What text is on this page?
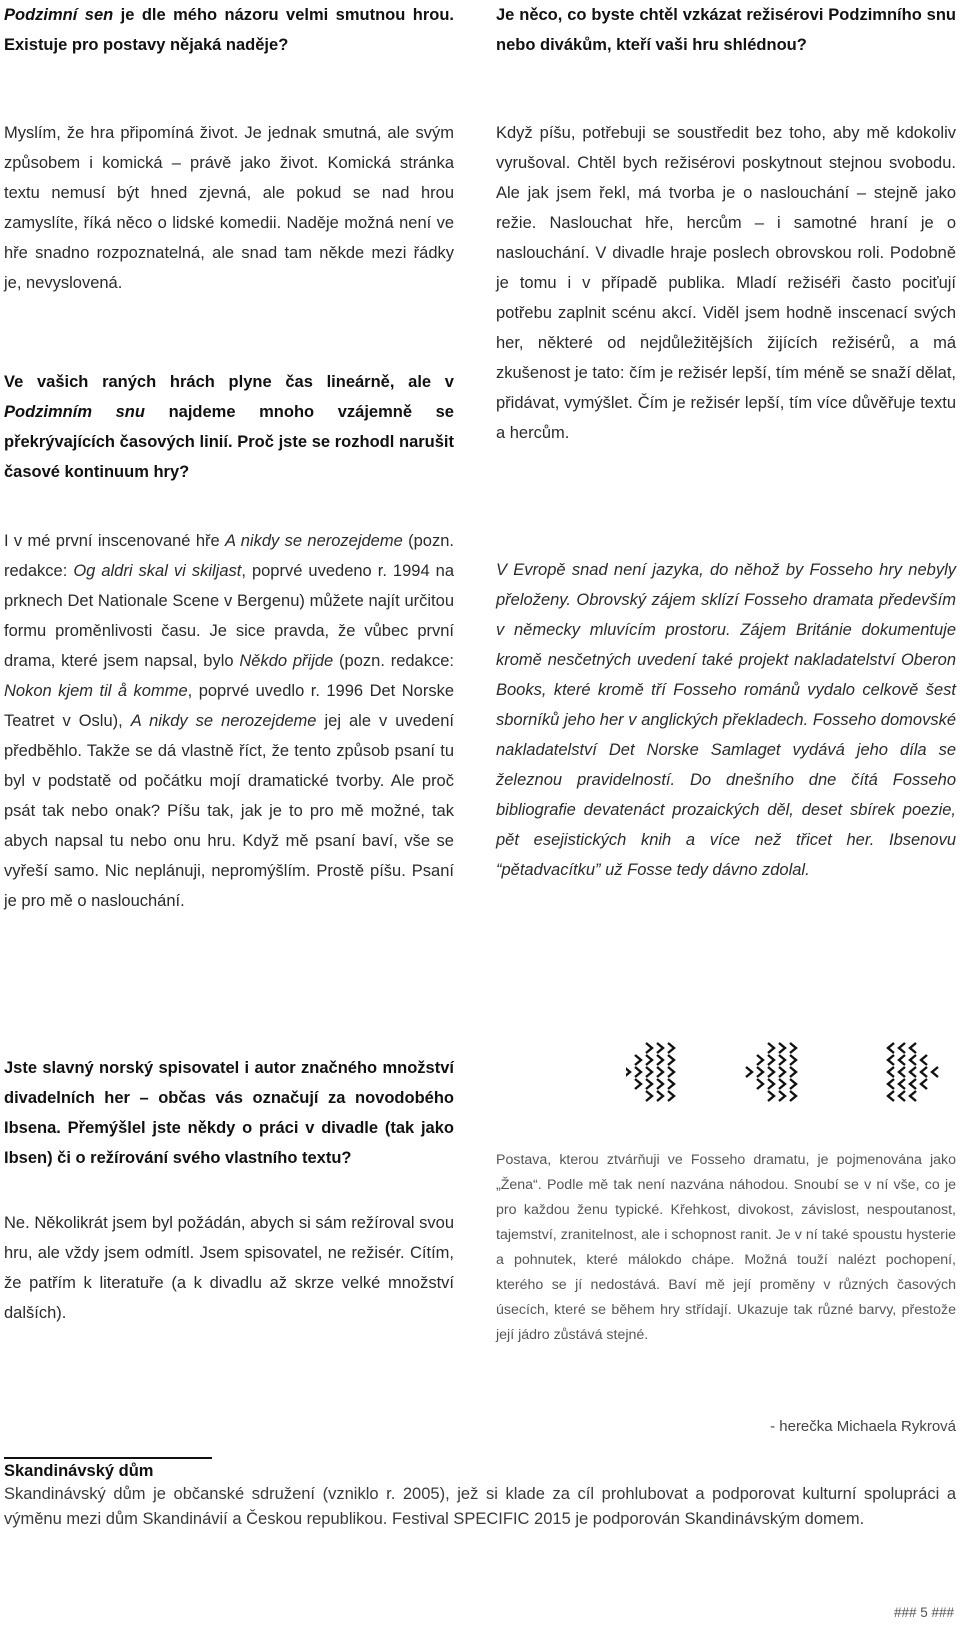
Podzimní sen je dle mého názoru velmi smutnou hrou. Existuje pro postavy nějaká naděje?

Myslím, že hra připomíná život. Je jednak smutná, ale svým způsobem i komická – právě jako život. Komická stránka textu nemusí být hned zjevná, ale pokud se nad hrou zamyslíte, říká něco o lidské komedii. Naděje možná není ve hře snadno rozpoznatelná, ale snad tam někde mezi řádky je, nevyslovená.

Ve vašich raných hrách plyne čas lineárně, ale v Podzimním snu najdeme mnoho vzájemně se překrývajících časových linií. Proč jste se rozhodl narušit časové kontinuum hry?

I v mé první inscenované hře A nikdy se nerozejdeme (pozn. redakce: Og aldri skal vi skiljast, poprvé uvedeno r. 1994 na prknech Det Nationale Scene v Bergenu) můžete najít určitou formu proměnlivosti času. Je sice pravda, že vůbec první drama, které jsem napsal, bylo Někdo přijde (pozn. redakce: Nokon kjem til å komme, poprvé uvedlo r. 1996 Det Norske Teatret v Oslu), A nikdy se nerozejdeme jej ale v uvedení předběhlo. Takže se dá vlastně říct, že tento způsob psaní tu byl v podstatě od počátku mojí dramatické tvorby. Ale proč psát tak nebo onak? Píšu tak, jak je to pro mě možné, tak abych napsal tu nebo onu hru. Když mě psaní baví, vše se vyřeší samo. Nic neplánuji, nepromýšlím. Prostě píšu. Psaní je pro mě o naslouchání.

Jste slavný norský spisovatel i autor značného množství divadelních her – občas vás označují za novodobého Ibsena. Přemýšlel jste někdy o práci v divadle (tak jako Ibsen) či o režírování svého vlastního textu?

Ne. Několikrát jsem byl požádán, abych si sám režíroval svou hru, ale vždy jsem odmítl. Jsem spisovatel, ne režisér. Cítím, že patřím k literatuře (a k divadlu až skrze velké množství dalších).

Je něco, co byste chtěl vzkázat režisérovi Podzimního snu nebo divákům, kteří vaši hru shlédnou?

Když píšu, potřebuji se soustředit bez toho, aby mě kdokoliv vyrušoval. Chtěl bych režisérovi poskytnout stejnou svobodu. Ale jak jsem řekl, má tvorba je o naslouchání – stejně jako režie. Naslouchat hře, hercům – i samotné hraní je o naslouchání. V divadle hraje poslech obrovskou roli. Podobně je tomu i v případě publika. Mladí režiséři často pociťují potřebu zaplnit scénu akcí. Viděl jsem hodně inscenací svých her, některé od nejdůležitějších žijících režisérů, a má zkušenost je tato: čím je režisér lepší, tím méně se snaží dělat, přidávat, vymýšlet. Čím je režisér lepší, tím více důvěřuje textu a hercům.

V Evropě snad není jazyka, do něhož by Fosseho hry nebyly přeloženy. Obrovský zájem sklízí Fosseho dramata především v německy mluvícím prostoru. Zájem Británie dokumentuje kromě nesčetných uvedení také projekt nakladatelství Oberon Books, které kromě tří Fosseho románů vydalo celkově šest sborníků jeho her v anglických překladech. Fosseho domovské nakladatelství Det Norske Samlaget vydává jeho díla se železnou pravidelností. Do dnešního dne čítá Fosseho bibliografie devatenáct prozaických děl, deset sbírek poezie, pět esejistických knih a více než třicet her. Ibsenovu “pětadvacítku” už Fosse tedy dávno zdolal.

Postava, kterou ztvárňuji ve Fosseho dramatu, je pojmenována jako „Žena“. Podle mě tak není nazvána náhodou. Snoubí se v ní vše, co je pro každou ženu typické. Křehkost, divokost, závislost, nespoutanost, tajemství, zranitelnost, ale i schopnost ranit. Je v ní také spoustu hysterie a pohnutek, které málokdo chápe. Možná touží nalézt pochopení, kterého se jí nedostává. Baví mě její proměny v různých časových úsecích, které se během hry střídají. Ukazuje tak různé barvy, přestože její jádro zůstává stejné.

- herečka Michaela Rykrová

Skandinávský dům

Skandinávský dům je občanské sdružení (vzniklo r. 2005), jež si klade za cíl prohlubovat a podporovat kulturní spolupráci a výměnu mezi dům Skandinávií a Českou republikou. Festival SPECIFIC 2015 je podporován Skandinávským domem.

### 5 ###
